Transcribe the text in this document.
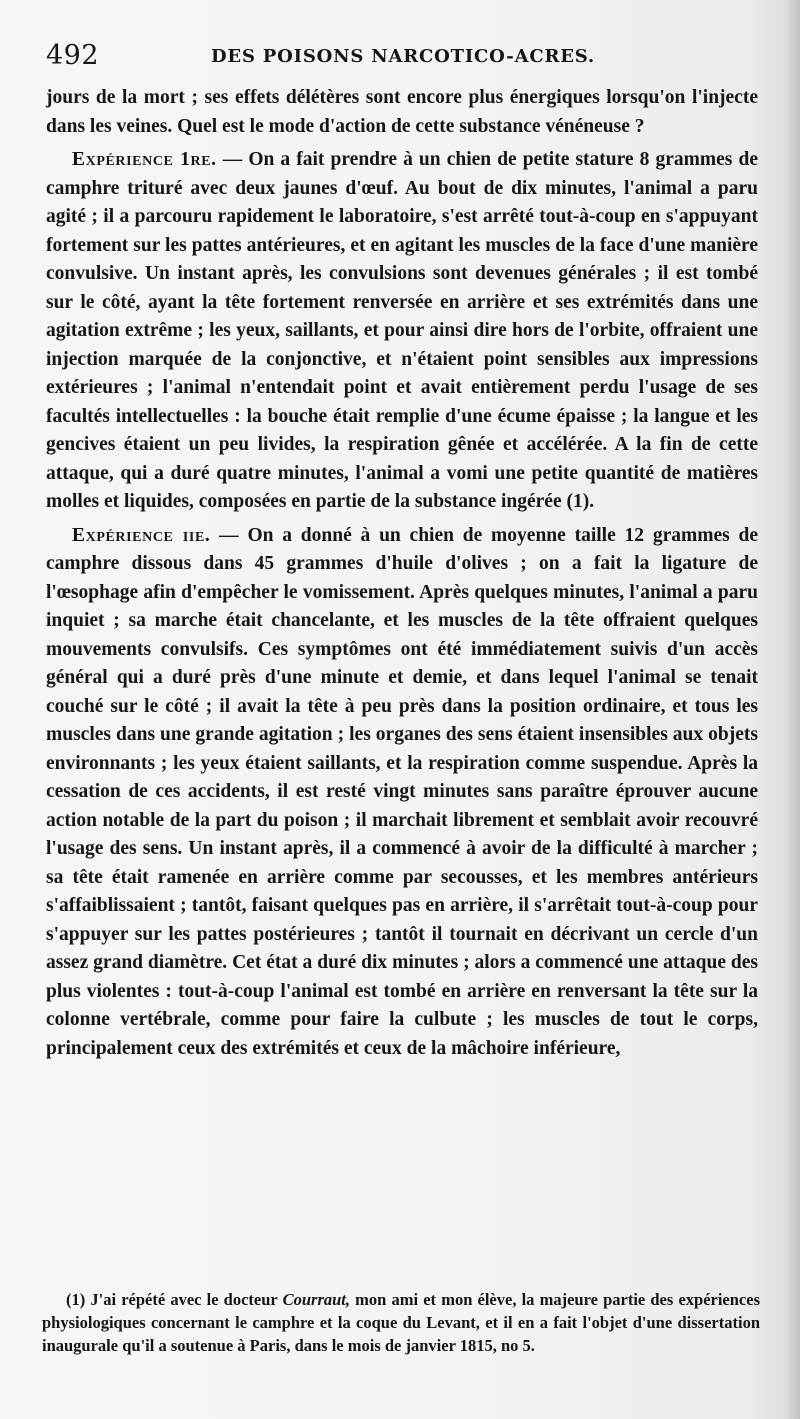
492	DES POISONS NARCOTICO-ACRES.

jours de la mort ; ses effets délétères sont encore plus énergiques lorsqu'on l'injecte dans les veines. Quel est le mode d'action de cette substance vénéneuse ?

Expérience 1re. — On a fait prendre à un chien de petite stature 8 grammes de camphre trituré avec deux jaunes d'œuf. Au bout de dix minutes, l'animal a paru agité ; il a parcouru rapidement le laboratoire, s'est arrêté tout-à-coup en s'appuyant fortement sur les pattes antérieures, et en agitant les muscles de la face d'une manière convulsive. Un instant après, les convulsions sont devenues générales ; il est tombé sur le côté, ayant la tête fortement renversée en arrière et ses extrémités dans une agitation extrême ; les yeux, saillants, et pour ainsi dire hors de l'orbite, offraient une injection marquée de la conjonctive, et n'étaient point sensibles aux impressions extérieures ; l'animal n'entendait point et avait entièrement perdu l'usage de ses facultés intellectuelles : la bouche était remplie d'une écume épaisse ; la langue et les gencives étaient un peu livides, la respiration gênée et accélérée. A la fin de cette attaque, qui a duré quatre minutes, l'animal a vomi une petite quantité de matières molles et liquides, composées en partie de la substance ingérée (1).

Expérience iie. — On a donné à un chien de moyenne taille 12 grammes de camphre dissous dans 45 grammes d'huile d'olives ; on a fait la ligature de l'œsophage afin d'empêcher le vomissement. Après quelques minutes, l'animal a paru inquiet ; sa marche était chancelante, et les muscles de la tête offraient quelques mouvements convulsifs. Ces symptômes ont été immédiatement suivis d'un accès général qui a duré près d'une minute et demie, et dans lequel l'animal se tenait couché sur le côté ; il avait la tête à peu près dans la position ordinaire, et tous les muscles dans une grande agitation ; les organes des sens étaient insensibles aux objets environnants ; les yeux étaient saillants, et la respiration comme suspendue. Après la cessation de ces accidents, il est resté vingt minutes sans paraître éprouver aucune action notable de la part du poison ; il marchait librement et semblait avoir recouvré l'usage des sens. Un instant après, il a commencé à avoir de la difficulté à marcher ; sa tête était ramenée en arrière comme par secousses, et les membres antérieurs s'affaiblissaient ; tantôt, faisant quelques pas en arrière, il s'arrêtait tout-à-coup pour s'appuyer sur les pattes postérieures ; tantôt il tournait en décrivant un cercle d'un assez grand diamètre. Cet état a duré dix minutes ; alors a commencé une attaque des plus violentes : tout-à-coup l'animal est tombé en arrière en renversant la tête sur la colonne vertébrale, comme pour faire la culbute ; les muscles de tout le corps, principalement ceux des extrémités et ceux de la mâchoire inférieure,

(1) J'ai répété avec le docteur Courraut, mon ami et mon élève, la majeure partie des expériences physiologiques concernant le camphre et la coque du Levant, et il en a fait l'objet d'une dissertation inaugurale qu'il a soutenue à Paris, dans le mois de janvier 1815, no 5.
